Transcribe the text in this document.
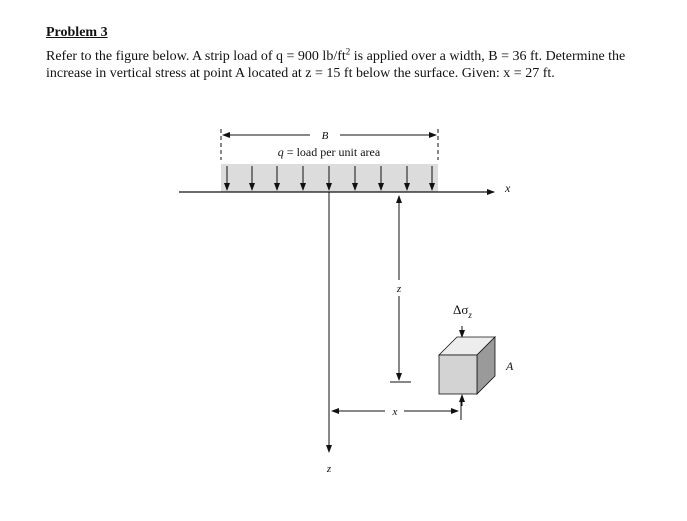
Problem 3

Refer to the figure below. A strip load of q = 900 $lb/ft^2$ is applied over a width, B = 36 ft. Determine the increase in vertical stress at point A located at z = 15 ft below the surface. Given: x = 27 ft.

B
q = load per unit area
x
z
z
x
$\Delta\sigma_z$
A
